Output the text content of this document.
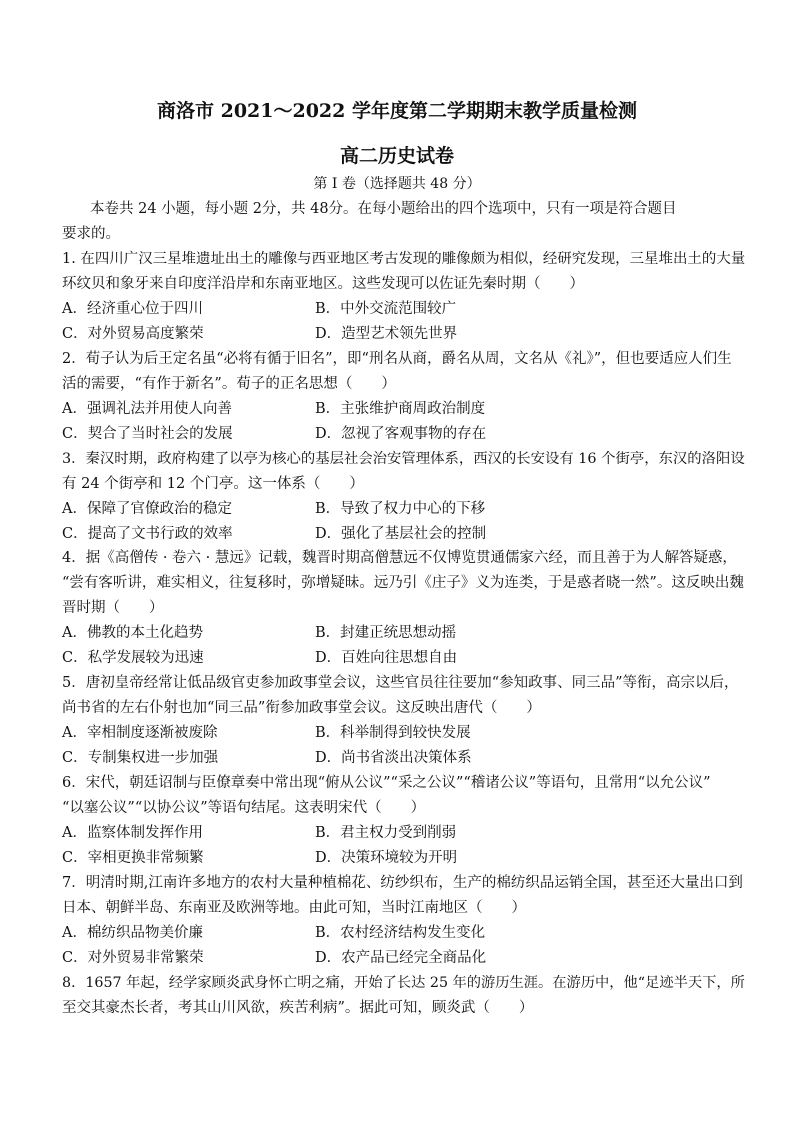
商洛市 2021～2022 学年度第二学期期末教学质量检测
高二历史试卷
第 I 卷（选择题共 48 分）
本卷共 24 小题，每小题 2分，共 48分。在每小题给出的四个选项中，只有一项是符合题目
要求的。
1. 在四川广汉三星堆遗址出土的雕像与西亚地区考古发现的雕像颇为相似，经研究发现，三星堆出土的大量
环纹贝和象牙来自印度洋沿岸和东南亚地区。这些发现可以佐证先秦时期（　　）
A．经济重心位于四川	B．中外交流范围较广
C．对外贸易高度繁荣	D．造型艺术领先世界
2．荀子认为后王定名虽“必将有循于旧名”，即“刑名从商，爵名从周，文名从《礼》”，但也要适应人们生
活的需要，“有作于新名”。荀子的正名思想（　　）
A．强调礼法并用使人向善	B．主张维护商周政治制度
C．契合了当时社会的发展	D．忽视了客观事物的存在
3．秦汉时期，政府构建了以亭为核心的基层社会治安管理体系，西汉的长安设有 16 个街亭，东汉的洛阳设
有 24 个街亭和 12 个门亭。这一体系（　　）
A．保障了官僚政治的稳定	B．导致了权力中心的下移
C．提高了文书行政的效率	D．强化了基层社会的控制
4．据《高僧传 · 卷六 · 慧远》记载，魏晋时期高僧慧远不仅博览贯通儒家六经，而且善于为人解答疑惑，
“尝有客听讲，难实相义，往复移时，弥增疑昧。远乃引《庄子》义为连类，于是惑者晓一然”。这反映出魏
晋时期（　　）
A．佛教的本土化趋势	B．封建正统思想动摇
C．私学发展较为迅速	D．百姓向往思想自由
5．唐初皇帝经常让低品级官吏参加政事堂会议，这些官员往往要加“参知政事、同三品”等衔，高宗以后，
尚书省的左右仆射也加“同三品”衔参加政事堂会议。这反映出唐代（　　）
A．宰相制度逐渐被废除	B．科举制得到较快发展
C．专制集权进一步加强	D．尚书省淡出决策体系
6．宋代，朝廷诏制与臣僚章奏中常出现“俯从公议”“采之公议”“稽诸公议”等语句，且常用“以允公议”
“以塞公议”“以协公议”等语句结尾。这表明宋代（　　）
A．监察体制发挥作用	B．君主权力受到削弱
C．宰相更换非常频繁	D．决策环境较为开明
7．明清时期,江南许多地方的农村大量种植棉花、纺纱织布，生产的棉纺织品运销全国，甚至还大量出口到
日本、朝鲜半岛、东南亚及欧洲等地。由此可知，当时江南地区（　　）
A．棉纺织品物美价廉	B．农村经济结构发生变化
C．对外贸易非常繁荣	D．农产品已经完全商品化
8．1657 年起，经学家顾炎武身怀亡明之痛，开始了长达 25 年的游历生涯。在游历中，他“足迹半天下，所
至交其豪杰长者，考其山川风欲，疾苦利病”。据此可知，顾炎武（　　）
